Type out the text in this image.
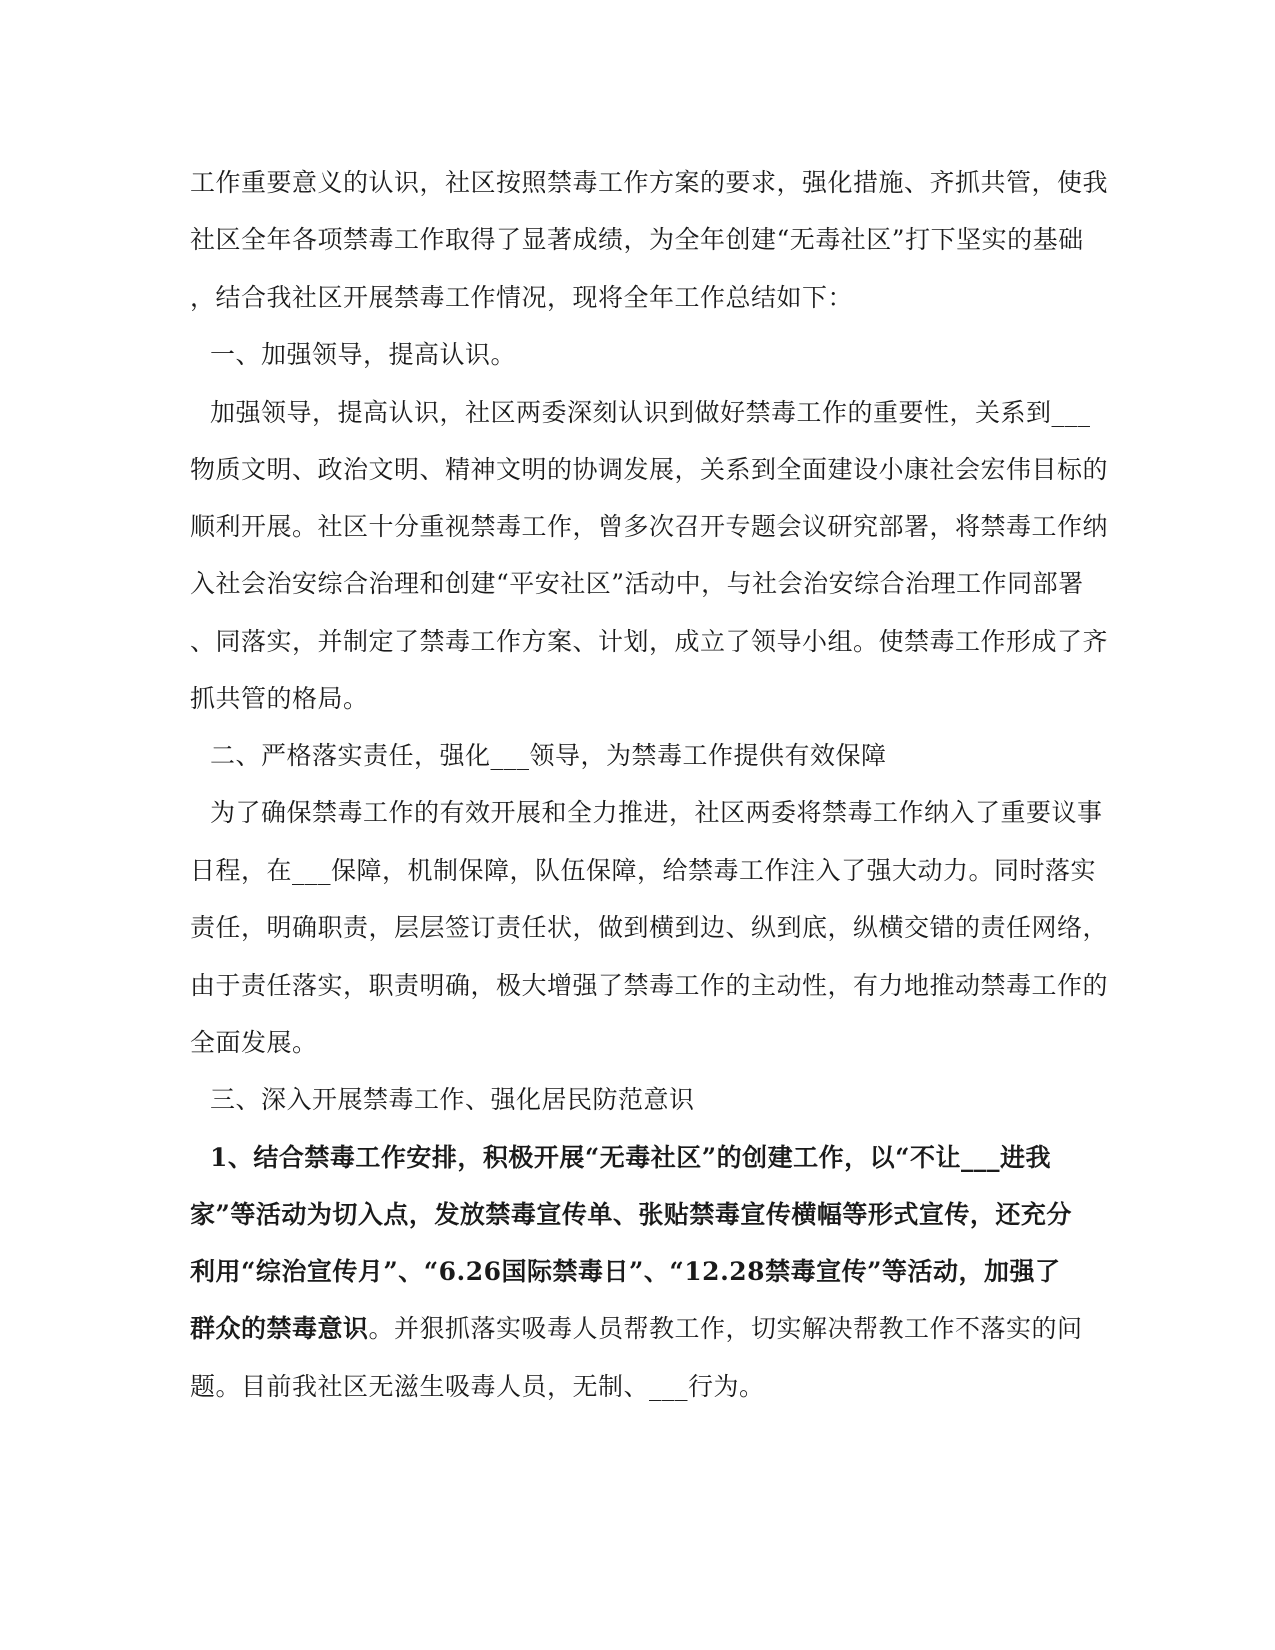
工作重要意义的认识，社区按照禁毒工作方案的要求，强化措施、齐抓共管，使我
社区全年各项禁毒工作取得了显著成绩，为全年创建“无毒社区”打下坚实的基础
，结合我社区开展禁毒工作情况，现将全年工作总结如下：
一、加强领导，提高认识。
加强领导，提高认识，社区两委深刻认识到做好禁毒工作的重要性，关系到___
物质文明、政治文明、精神文明的协调发展，关系到全面建设小康社会宏伟目标的
顺利开展。社区十分重视禁毒工作，曾多次召开专题会议研究部署，将禁毒工作纳
入社会治安综合治理和创建“平安社区”活动中，与社会治安综合治理工作同部署
、同落实，并制定了禁毒工作方案、计划，成立了领导小组。使禁毒工作形成了齐
抓共管的格局。
二、严格落实责任，强化___领导，为禁毒工作提供有效保障
为了确保禁毒工作的有效开展和全力推进，社区两委将禁毒工作纳入了重要议事
日程，在___保障，机制保障，队伍保障，给禁毒工作注入了强大动力。同时落实
责任，明确职责，层层签订责任状，做到横到边、纵到底，纵横交错的责任网络，
由于责任落实，职责明确，极大增强了禁毒工作的主动性，有力地推动禁毒工作的
全面发展。
三、深入开展禁毒工作、强化居民防范意识
1、结合禁毒工作安排，积极开展“无毒社区”的创建工作，以“不让___进我
家”等活动为切入点，发放禁毒宣传单、张贴禁毒宣传横幅等形式宣传，还充分
利用“综治宣传月”、“6.26国际禁毒日”、“12.28禁毒宣传”等活动，加强了
群众的禁毒意识。并狠抓落实吸毒人员帮教工作，切实解决帮教工作不落实的问
题。目前我社区无滋生吸毒人员，无制、___行为。
